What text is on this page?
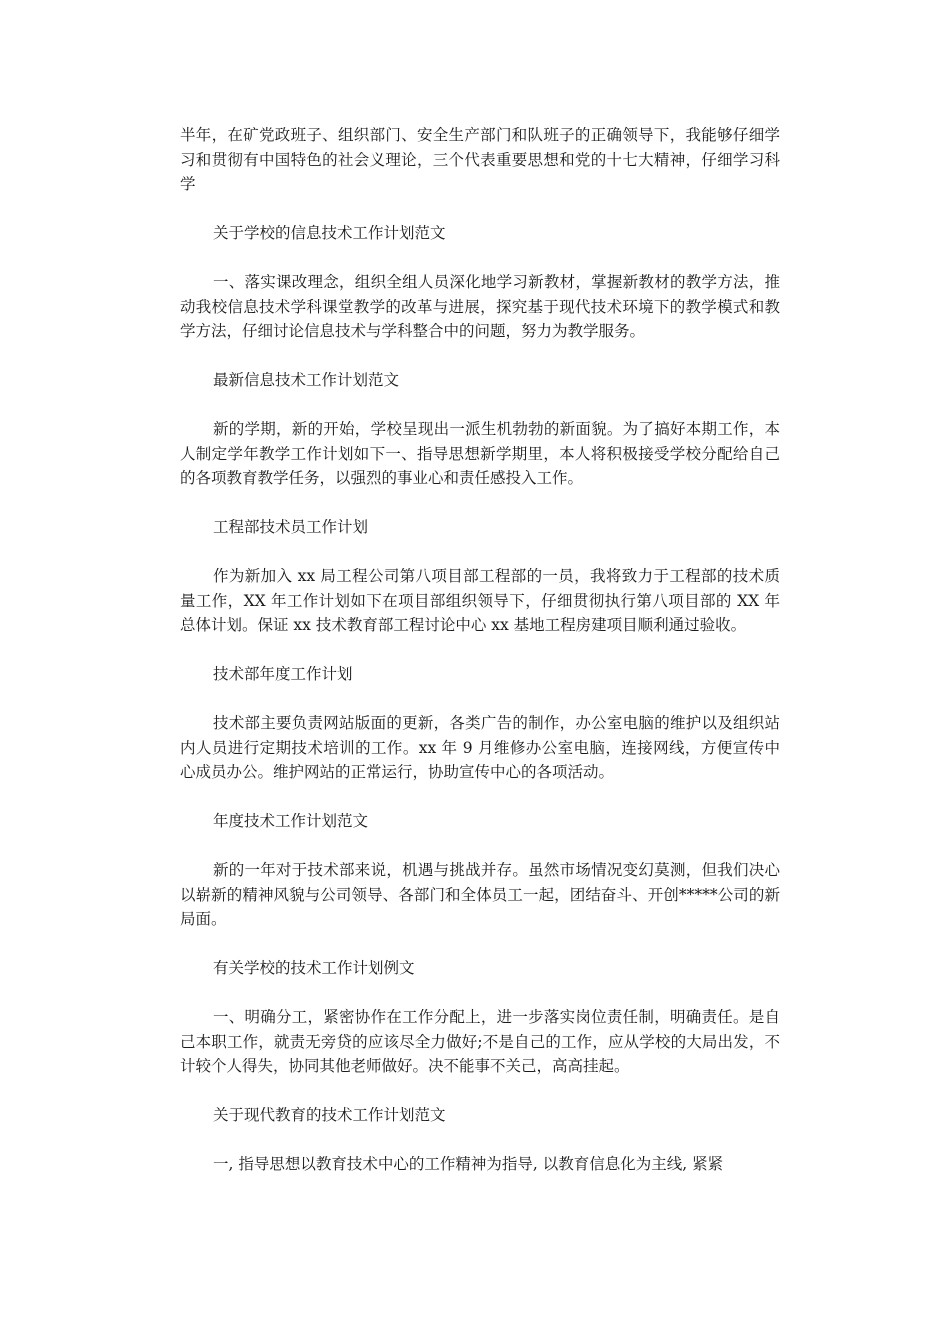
半年，在矿党政班子、组织部门、安全生产部门和队班子的正确领导下，我能够仔细学习和贯彻有中国特色的社会义理论，三个代表重要思想和党的十七大精神，仔细学习科学

关于学校的信息技术工作计划范文

一、落实课改理念，组织全组人员深化地学习新教材，掌握新教材的教学方法，推动我校信息技术学科课堂教学的改革与进展，探究基于现代技术环境下的教学模式和教学方法，仔细讨论信息技术与学科整合中的问题，努力为教学服务。

最新信息技术工作计划范文

新的学期，新的开始，学校呈现出一派生机勃勃的新面貌。为了搞好本期工作，本人制定学年教学工作计划如下一、指导思想新学期里，本人将积极接受学校分配给自己的各项教育教学任务，以强烈的事业心和责任感投入工作。

工程部技术员工作计划

作为新加入 xx 局工程公司第八项目部工程部的一员，我将致力于工程部的技术质量工作，XX 年工作计划如下在项目部组织领导下，仔细贯彻执行第八项目部的 XX 年总体计划。保证 xx 技术教育部工程讨论中心 xx 基地工程房建项目顺利通过验收。

技术部年度工作计划

技术部主要负责网站版面的更新，各类广告的制作，办公室电脑的维护以及组织站内人员进行定期技术培训的工作。xx 年 9 月维修办公室电脑，连接网线，方便宣传中心成员办公。维护网站的正常运行，协助宣传中心的各项活动。

年度技术工作计划范文

新的一年对于技术部来说，机遇与挑战并存。虽然市场情况变幻莫测，但我们决心以崭新的精神风貌与公司领导、各部门和全体员工一起，团结奋斗、开创*****公司的新局面。

有关学校的技术工作计划例文

一、明确分工，紧密协作在工作分配上，进一步落实岗位责任制，明确责任。是自己本职工作，就责无旁贷的应该尽全力做好;不是自己的工作，应从学校的大局出发，不计较个人得失，协同其他老师做好。决不能事不关己，高高挂起。

关于现代教育的技术工作计划范文

一, 指导思想以教育技术中心的工作精神为指导, 以教育信息化为主线, 紧紧
